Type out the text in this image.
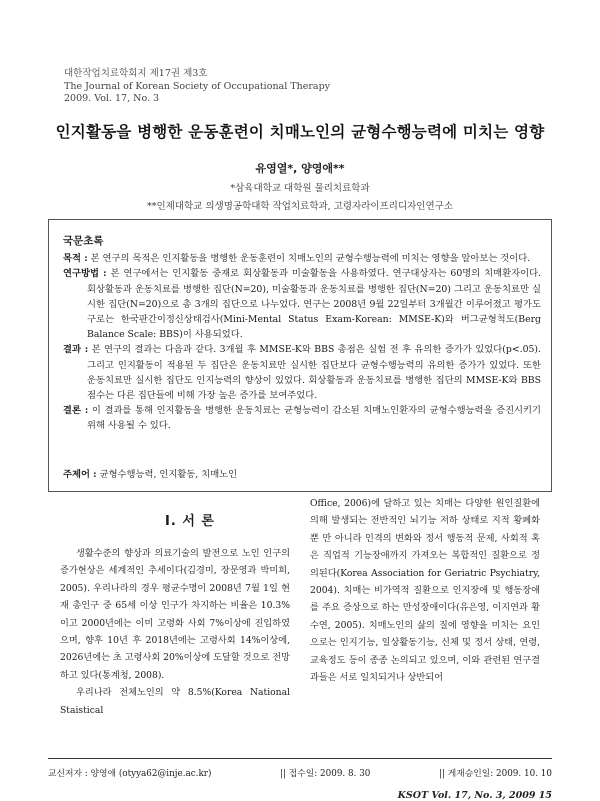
대한작업치료학회지 제17권 제3호
The Journal of Korean Society of Occupational Therapy
2009. Vol. 17, No. 3
인지활동을 병행한 운동훈련이 치매노인의 균형수행능력에 미치는 영향
유영열*, 양영애**
*삼육대학교 대학원 물리치료학과
**인제대학교 의생명공학대학 작업치료학과, 고령자라이프리디자인연구소
국문초록
목적 : 본 연구의 목적은 인지활동을 병행한 운동훈련이 치매노인의 균형수행능력에 미치는 영향을 알아보는 것이다.
연구방법 : 본 연구에서는 인지활동 중재로 회상활동과 미술활동을 사용하였다. 연구대상자는 60명의 치매환자이다. 회상활동과 운동치료를 병행한 집단(N=20), 미술활동과 운동치료를 병행한 집단(N=20) 그리고 운동치료만 실시한 집단(N=20)으로 총 3개의 집단으로 나누었다. 연구는 2008년 9월 22일부터 3개월간 이루어졌고 평가도구로는 한국판간이정신상태검사(Mini-Mental Status Exam-Korean: MMSE-K)와 버그균형척도(Berg Balance Scale: BBS)이 사용되었다.
결과 : 본 연구의 결과는 다음과 같다. 3개월 후 MMSE-K와 BBS 총점은 실험 전 후 유의한 증가가 있었다(p<.05). 그리고 인지활동이 적용된 두 집단은 운동치료만 실시한 집단보다 균형수행능력의 유의한 증가가 있었다. 또한 운동치료만 실시한 집단도 인지능력의 향상이 있었다. 회상활동과 운동치료를 병행한 집단의 MMSE-K와 BBS점수는 다른 집단들에 비해 가장 높은 증가를 보여주었다.
결론 : 이 결과를 통해 인지활동을 병행한 운동치료는 균형능력이 감소된 치매노인환자의 균형수행능력을 증진시키기 위해 사용될 수 있다.
주제어 : 균형수행능력, 인지활동, 치매노인
Ⅰ. 서 론

생활수준의 향상과 의료기술의 발전으로 노인 인구의 증가현상은 세계적인 추세이다(김경미, 장문영과 박미희, 2005). 우리나라의 경우 평균수명이 2008년 7월 1일 현재 총인구 중 65세 이상 인구가 차지하는 비율은 10.3%이고 2000년에는 이미 고령화 사회 7%이상에 진입하였으며, 향후 10년 후 2018년에는 고령사회 14%이상에, 2026년에는 초 고령사회 20%이상에 도달할 것으로 전망하고 있다(통계청, 2008).

우리나라 전체노인의 약 8.5%(Korea National Staistical

Office, 2006)에 달하고 있는 치매는 다양한 원인질환에 의해 발생되는 전반적인 뇌기능 저하 상태로 지적 황폐화 뿐 만 아니라 인격의 변화와 정서 행동적 문제, 사회적 혹은 직업적 기능장애까지 가져오는 복합적인 질환으로 정의된다(Korea Association for Geriatric Psychiatry, 2004). 치매는 비가역적 질환으로 인지장애 및 행동장애를 주요 증상으로 하는 만성장애이다(유은영, 이지연과 황수연, 2005). 치매노인의 삶의 질에 영향을 미치는 요인으로는 인지기능, 일상활동기능, 신체 및 정서 상태, 연령, 교육정도 등이 종종 논의되고 있으며, 이와 관련된 연구결과들은 서로 일치되거나 상반되어

교신저자 : 양영애 (otyya62@inje.ac.kr)	|| 접수일: 2009. 8. 30	|| 게재승인일: 2009. 10. 10
KSOT Vol. 17, No. 3, 2009 15
